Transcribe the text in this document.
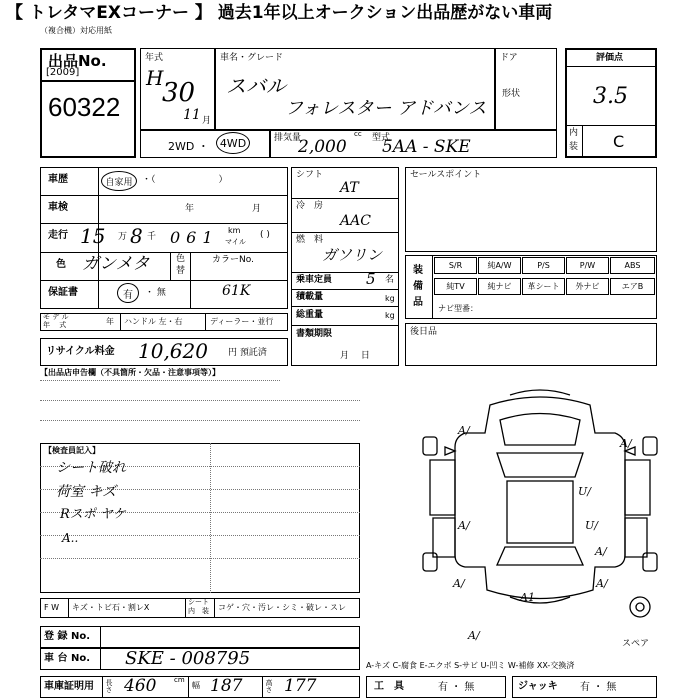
【 トレタマEXコーナー 】 過去1年以上オークション出品歴がない車両
（複合機）対応用紙
出品No.
[2009]
60322
年式
H
30
11 月
車名・グレード
スバル
フォレスター アドバンス
ドア
形状
評価点
3.5
内
装 C
2WD ・ 4WD	排気量	cc
2,000	型式
5AA - SKE
車歴	自家用	・（　　　　　　　）
車検	年	月
走行 15 万 8 千 061 km
マイル
( )
色 ガンメタ	色
替
カラーNo.
61K
保証書	有	・ 無
モ デ ル
年　 式	年 ハンドル 左・右	ディーラー・並行
リサイクル料金 10,620 円 預託済
シフト
AT
冷　房
AAC
燃　料
ガソリン
乗車定員 5 名
積載量	kg
総重量	kg
書類期限
月　 日
セールスポイント
装
備
品
S/R	純A/W	P/S	P/W	ABS
純TV	純ナビ	革シート	外ナビ	エアB
ナビ型番：
後日品
【出品店申告欄（不具箇所・欠品・注意事項等）】
【検査員記入】
シート破れ
荷室 キズ
Rスポ ヤケ
A..
F W キズ・トビ石・割レX
シート
内　装 コゲ・穴・汚レ・シミ・破レ・スレ
登 録 No.
車 台 No. SKE - 008795
車庫証明用 長さ 460	cm
幅 187	高さ 177
A-キズ C-腐食 E-エクボ S-サビ U-凹ミ W-補修 XX-交換済
工　具	有 ・ 無	ジャッキ 有 ・ 無
A/
A/
U/
U/
A/
A/
A/	A/
A1
A/
スペア
